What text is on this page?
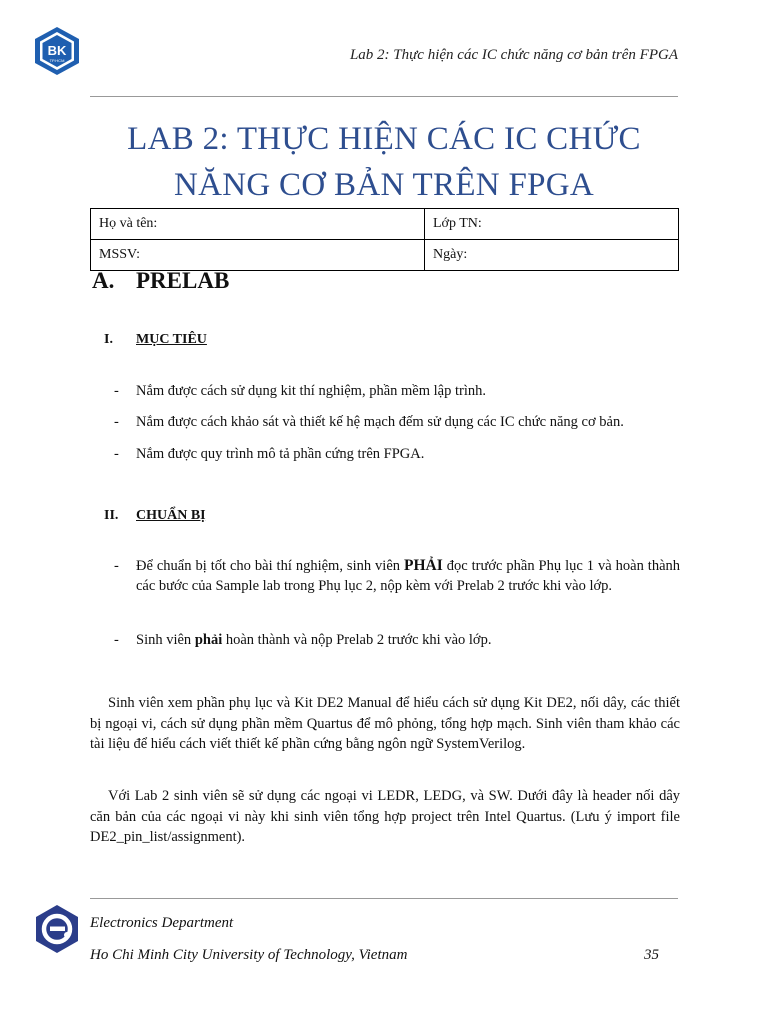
BK
TP.HCM	Lab 2: Thực hiện các IC chức năng cơ bản trên FPGA
LAB 2: THỰC HIỆN CÁC IC CHỨC
NĂNG CƠ BẢN TRÊN FPGA
Họ và tên:	Lớp TN:
MSSV:	Ngày:
A. PRELAB
I. MỤC TIÊU
- Nắm được cách sử dụng kit thí nghiệm, phần mềm lập trình.
- Nắm được cách khảo sát và thiết kế hệ mạch đếm sử dụng các IC chức năng cơ bản.
- Nắm được quy trình mô tả phần cứng trên FPGA.
II. CHUẨN BỊ
- Để chuẩn bị tốt cho bài thí nghiệm, sinh viên PHẢI đọc trước phần Phụ lục 1 và hoàn thành các bước của Sample lab trong Phụ lục 2, nộp kèm với Prelab 2 trước khi vào lớp.
- Sinh viên phải hoàn thành và nộp Prelab 2 trước khi vào lớp.
Sinh viên xem phần phụ lục và Kit DE2 Manual để hiểu cách sử dụng Kit DE2, nối dây, các thiết bị ngoại vi, cách sử dụng phần mềm Quartus để mô phỏng, tổng hợp mạch. Sinh viên tham khảo các tài liệu để hiểu cách viết thiết kế phần cứng bằng ngôn ngữ SystemVerilog.
Với Lab 2 sinh viên sẽ sử dụng các ngoại vi LEDR, LEDG, và SW. Dưới đây là header nối dây căn bản của các ngoại vi này khi sinh viên tổng hợp project trên Intel Quartus. (Lưu ý import file DE2_pin_list/assignment).
Electronics Department
Ho Chi Minh City University of Technology, Vietnam	35
